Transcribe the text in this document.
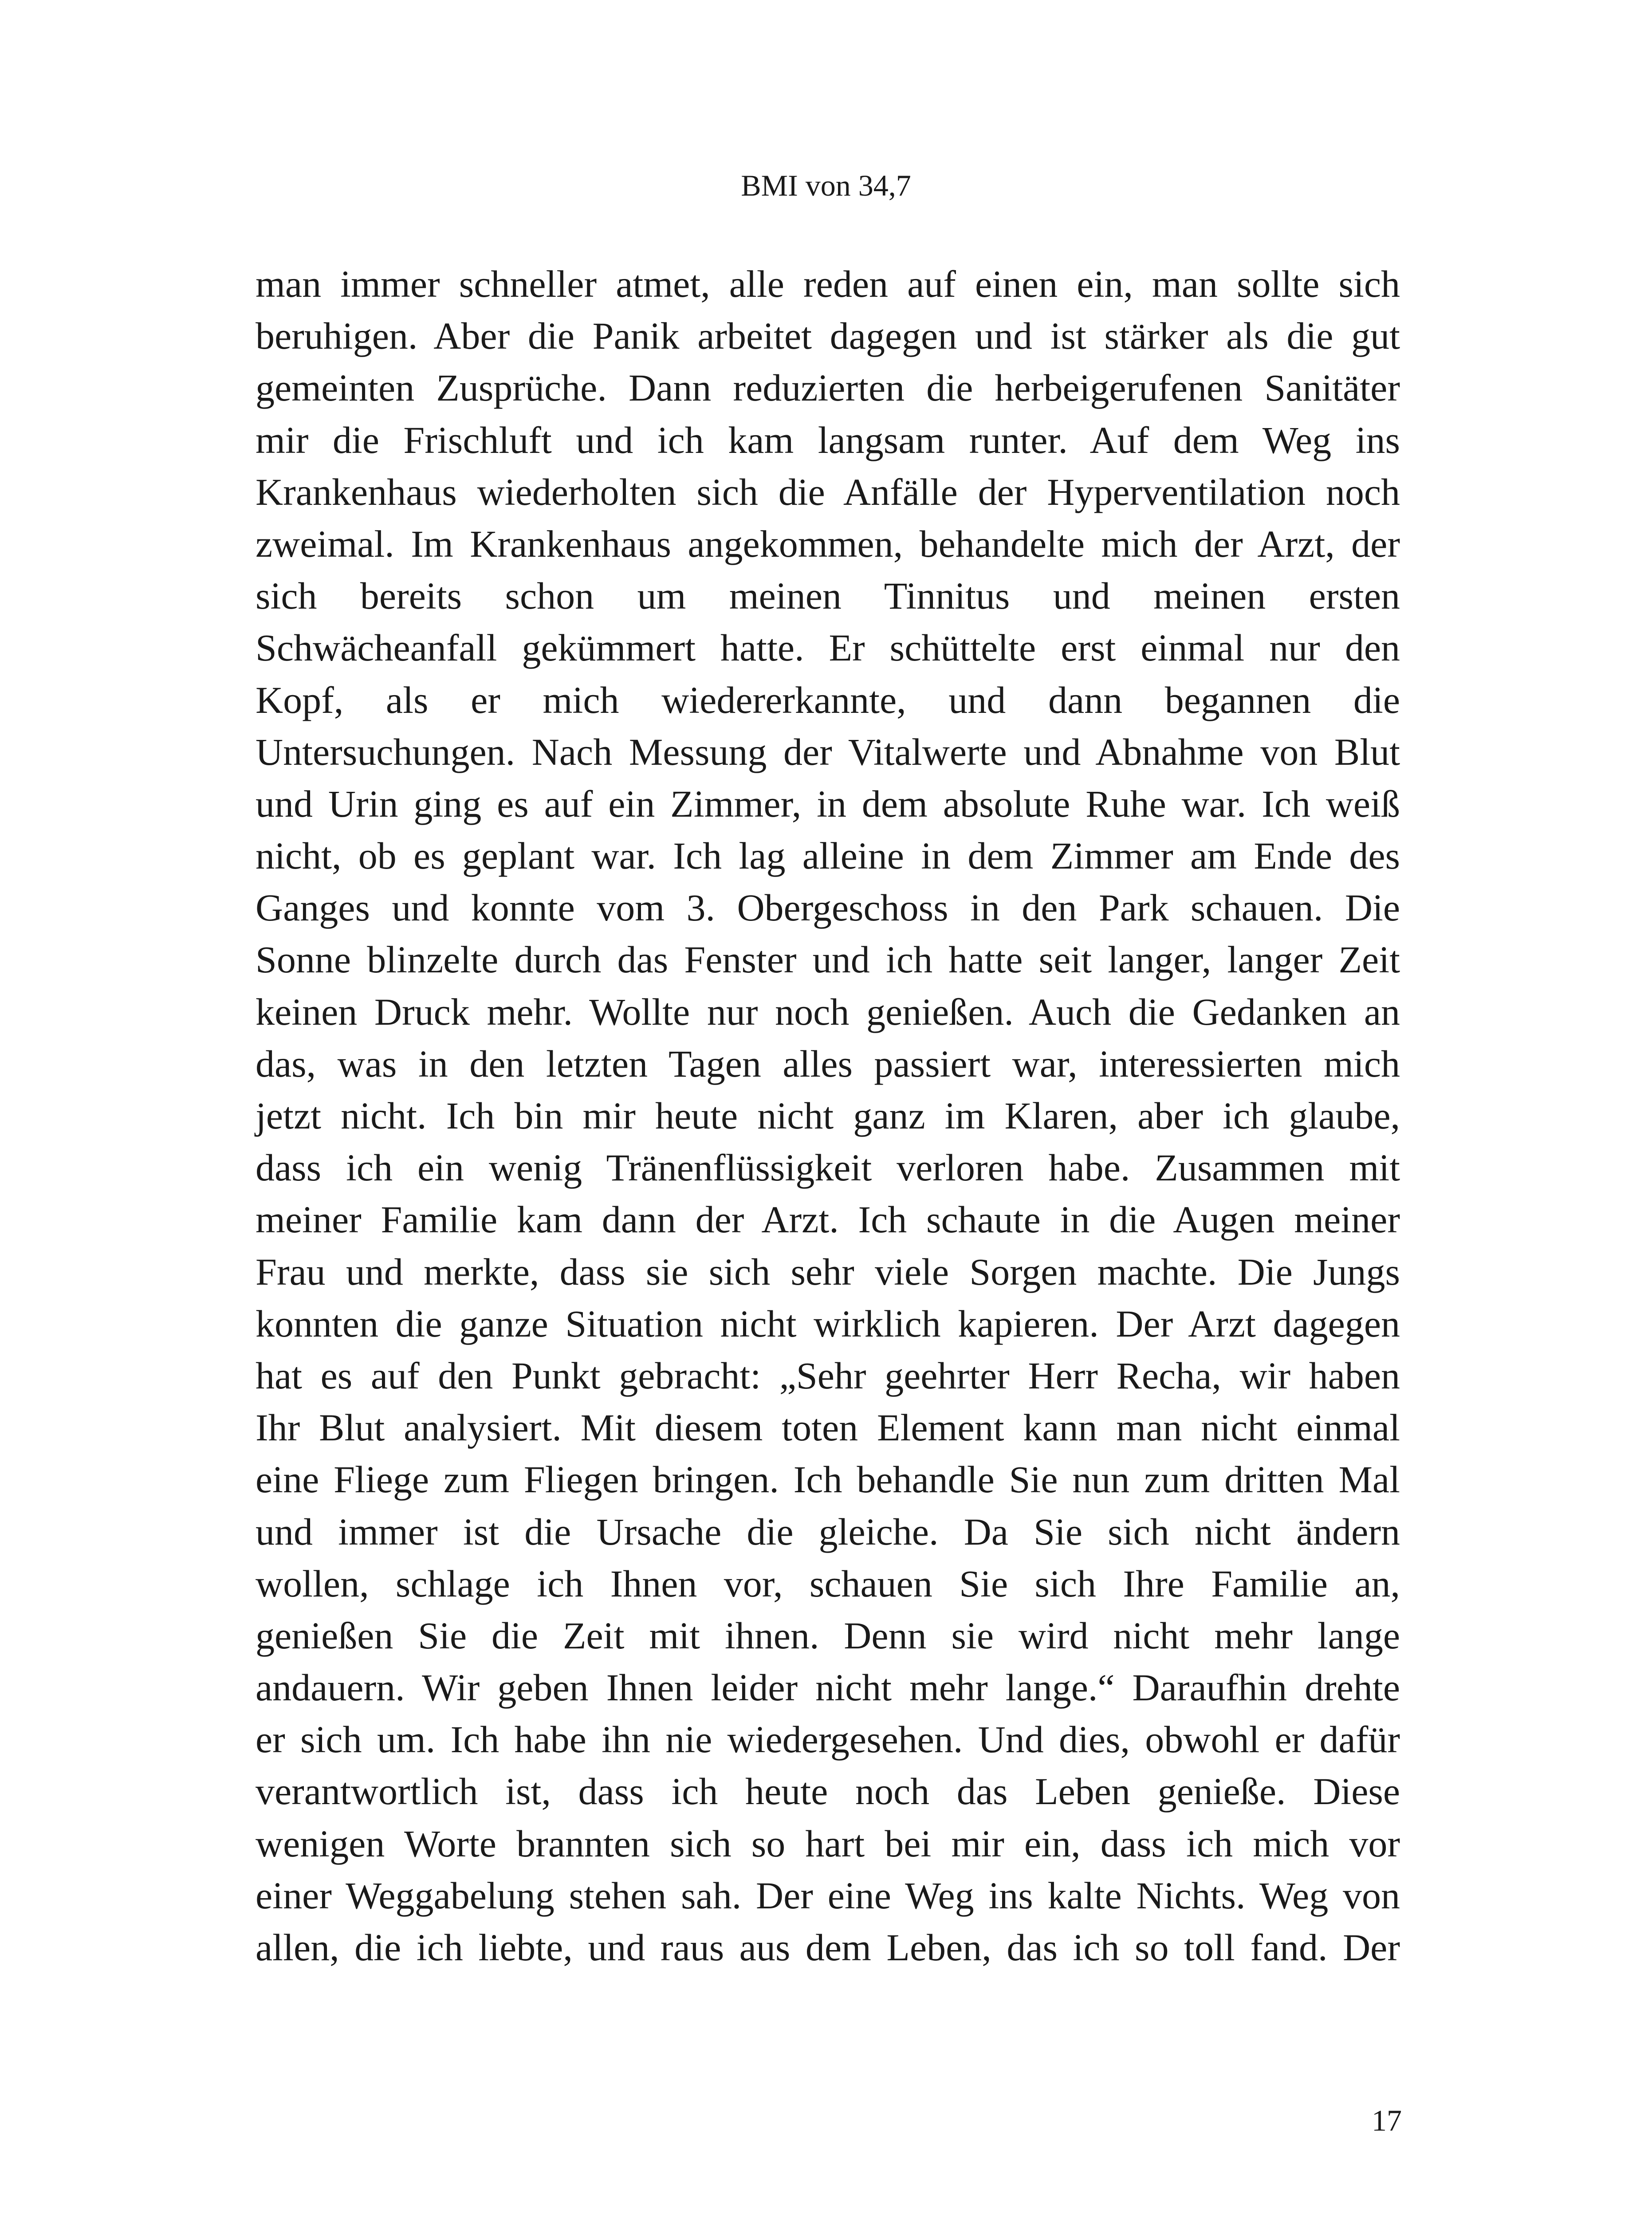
BMI von 34,7
man immer schneller atmet, alle reden auf einen ein, man sollte sich
beruhigen. Aber die Panik arbeitet dagegen und ist stärker als die gut
gemeinten Zusprüche. Dann reduzierten die herbeigerufenen Sanitäter
mir die Frischluft und ich kam langsam runter. Auf dem Weg ins
Krankenhaus wiederholten sich die Anfälle der Hyperventilation noch
zweimal. Im Krankenhaus angekommen, behandelte mich der Arzt, der
sich bereits schon um meinen Tinnitus und meinen ersten
Schwächeanfall gekümmert hatte. Er schüttelte erst einmal nur den
Kopf, als er mich wiedererkannte, und dann begannen die
Untersuchungen. Nach Messung der Vitalwerte und Abnahme von Blut
und Urin ging es auf ein Zimmer, in dem absolute Ruhe war. Ich weiß
nicht, ob es geplant war. Ich lag alleine in dem Zimmer am Ende des
Ganges und konnte vom 3. Obergeschoss in den Park schauen. Die
Sonne blinzelte durch das Fenster und ich hatte seit langer, langer Zeit
keinen Druck mehr. Wollte nur noch genießen. Auch die Gedanken an
das, was in den letzten Tagen alles passiert war, interessierten mich
jetzt nicht. Ich bin mir heute nicht ganz im Klaren, aber ich glaube,
dass ich ein wenig Tränenflüssigkeit verloren habe. Zusammen mit
meiner Familie kam dann der Arzt. Ich schaute in die Augen meiner
Frau und merkte, dass sie sich sehr viele Sorgen machte. Die Jungs
konnten die ganze Situation nicht wirklich kapieren. Der Arzt dagegen
hat es auf den Punkt gebracht: „Sehr geehrter Herr Recha, wir haben
Ihr Blut analysiert. Mit diesem toten Element kann man nicht einmal
eine Fliege zum Fliegen bringen. Ich behandle Sie nun zum dritten Mal
und immer ist die Ursache die gleiche. Da Sie sich nicht ändern
wollen, schlage ich Ihnen vor, schauen Sie sich Ihre Familie an,
genießen Sie die Zeit mit ihnen. Denn sie wird nicht mehr lange
andauern. Wir geben Ihnen leider nicht mehr lange.“ Daraufhin drehte
er sich um. Ich habe ihn nie wiedergesehen. Und dies, obwohl er dafür
verantwortlich ist, dass ich heute noch das Leben genieße. Diese
wenigen Worte brannten sich so hart bei mir ein, dass ich mich vor
einer Weggabelung stehen sah. Der eine Weg ins kalte Nichts. Weg von
allen, die ich liebte, und raus aus dem Leben, das ich so toll fand. Der
17
